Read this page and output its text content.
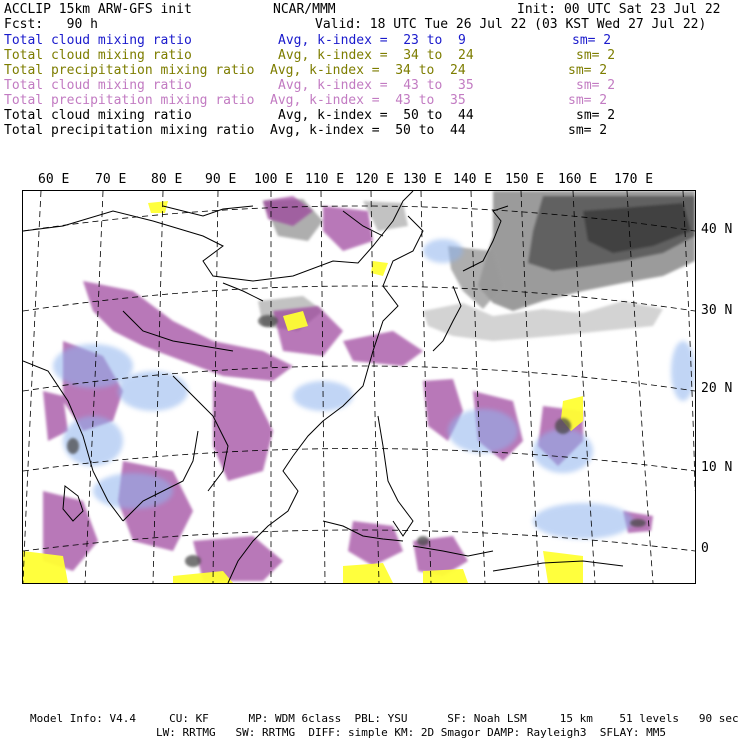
ACCLIP 15km ARW-GFS init	NCAR/MMM	Init: 00 UTC Sat 23 Jul 22
Fcst:   90 h	Valid: 18 UTC Tue 26 Jul 22 (03 KST Wed 27 Jul 22)
Total cloud mixing ratio	Avg, k-index =  23 to  9	sm= 2
Total cloud mixing ratio	Avg, k-index =  34 to  24	sm= 2
Total precipitation mixing ratio Avg, k-index =  34 to  24	sm= 2
Total cloud mixing ratio	Avg, k-index =  43 to  35	sm= 2
Total precipitation mixing ratio Avg, k-index =  43 to  35	sm= 2
Total cloud mixing ratio	Avg, k-index =  50 to  44	sm= 2
Total precipitation mixing ratio Avg, k-index =  50 to  44	sm= 2
60 E 70 E 80 E 90 E 100 E 110 E 120 E 130 E 140 E 150 E 160 E 170 E
40 N
30 N
20 N
10 N
0
Model Info: V4.4     CU: KF      MP: WDM 6class  PBL: YSU      SF: Noah LSM     15 km    51 levels   90 sec
LW: RRTMG   SW: RRTMG  DIFF: simple KM: 2D Smagor DAMP: Rayleigh3  SFLAY: MM5
